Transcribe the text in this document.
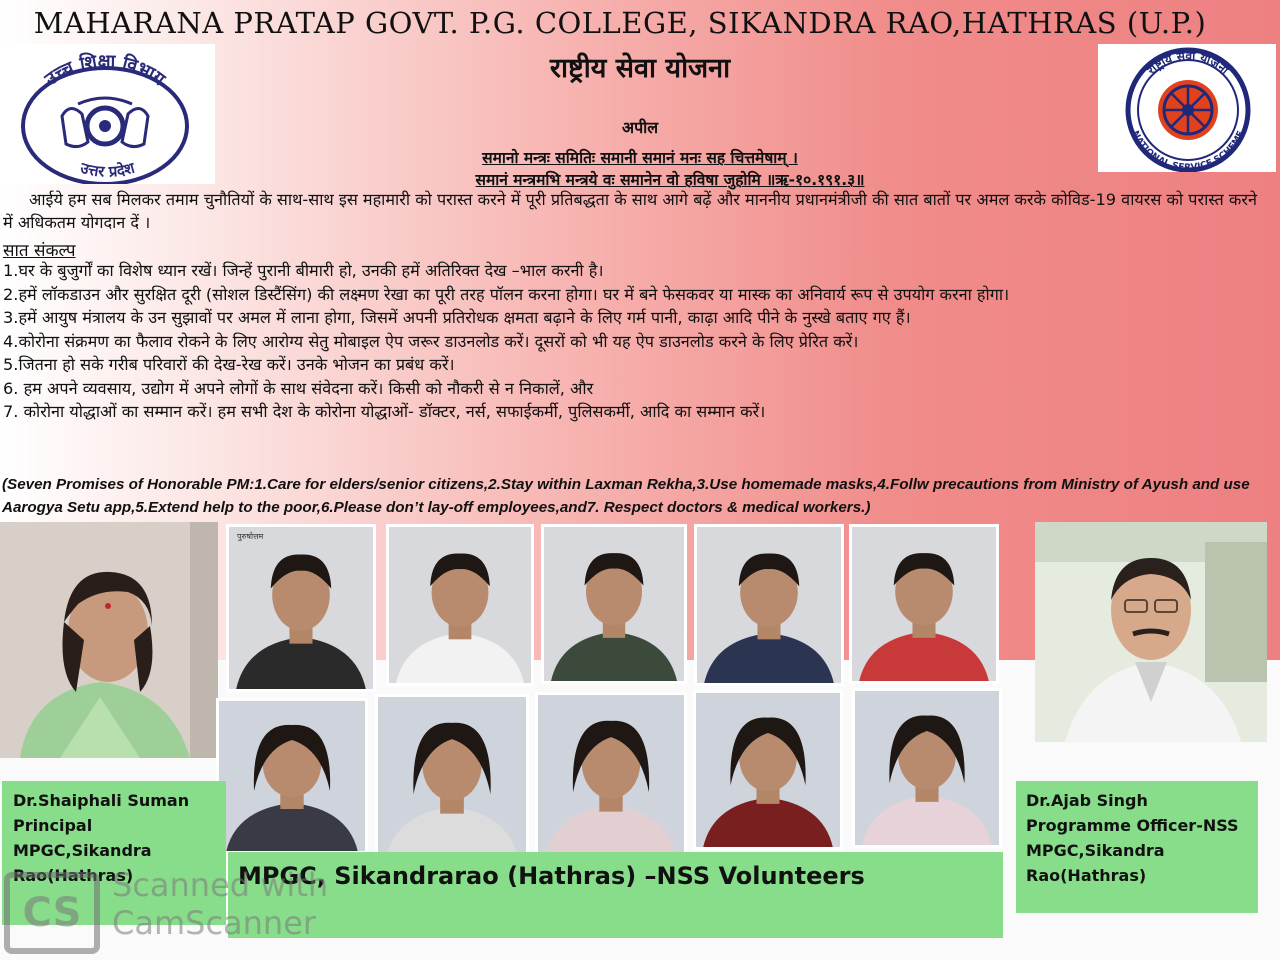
MAHARANA PRATAP GOVT. P.G. COLLEGE, SIKANDRA RAO,HATHRAS (U.P.)
राष्ट्रीय सेवा योजना
उच्च शिक्षा विभाग
उत्तर प्रदेश
राष्ट्रीय सेवा योजना
NATIONAL SERVICE SCHEME
अपील
समानो मन्त्रः समितिः समानी समानं मनः सह चित्तमेषाम् ।
समानं मन्त्रमभि मन्त्रये वः समानेन वो हविषा जुहोमि ॥ऋ-१०.१९१.३॥
आईये हम सब मिलकर तमाम चुनौतियों के साथ-साथ इस महामारी को परास्त करने में पूरी प्रतिबद्धता के साथ आगे बढ़ें और माननीय प्रधानमंत्रीजी की सात बातों पर अमल करके कोविड-19 वायरस को परास्त करने में अधिकतम योगदान दें ।
सात संकल्प
1.घर के बुजुर्गों का विशेष ध्यान रखें। जिन्हें पुरानी बीमारी हो, उनकी हमें अतिरिक्त देख –भाल करनी है।
2.हमें लॉकडाउन और सुरक्षित दूरी (सोशल डिस्टैंसिंग) की लक्ष्मण रेखा का पूरी तरह पॉलन करना होगा। घर में बने फेसकवर या मास्क का अनिवार्य रूप से उपयोग करना होगा।
3.हमें आयुष मंत्रालय के उन सुझावों पर अमल में लाना होगा, जिसमें अपनी प्रतिरोधक क्षमता बढ़ाने के लिए गर्म पानी, काढ़ा आदि पीने के नुस्खे बताए गए हैं।
4.कोरोना संक्रमण का फैलाव रोकने के लिए आरोग्य सेतु मोबाइल ऐप जरूर डाउनलोड करें। दूसरों को भी यह ऐप डाउनलोड करने के लिए प्रेरित करें।
5.जितना हो सके गरीब परिवारों की देख-रेख करें। उनके भोजन का प्रबंध करें।
6. हम अपने व्यवसाय, उद्योग में अपने लोगों के साथ संवेदना करें। किसी को नौकरी से न निकालें, और
7. कोरोना योद्धाओं का सम्मान करें। हम सभी देश के कोरोना योद्धाओं- डॉक्टर, नर्स, सफाईकर्मी, पुलिसकर्मी, आदि का सम्मान करें।
(Seven Promises of Honorable PM:1.Care for elders/senior citizens,2.Stay within Laxman Rekha,3.Use homemade masks,4.Follw precautions from Ministry of Ayush and use Aarogya Setu app,5.Extend help to the poor,6.Please don’t lay-off employees,and7. Respect doctors & medical workers.)
पुरुषोत्तम
Dr.Shaiphali Suman
Principal
MPGC,Sikandra
Rao(Hathras)	MPGC, Sikandrarao (Hathras) –NSS Volunteers
Dr.Ajab Singh
Programme Officer-NSS
MPGC,Sikandra
Rao(Hathras)
CS
Scanned with
CamScanner
